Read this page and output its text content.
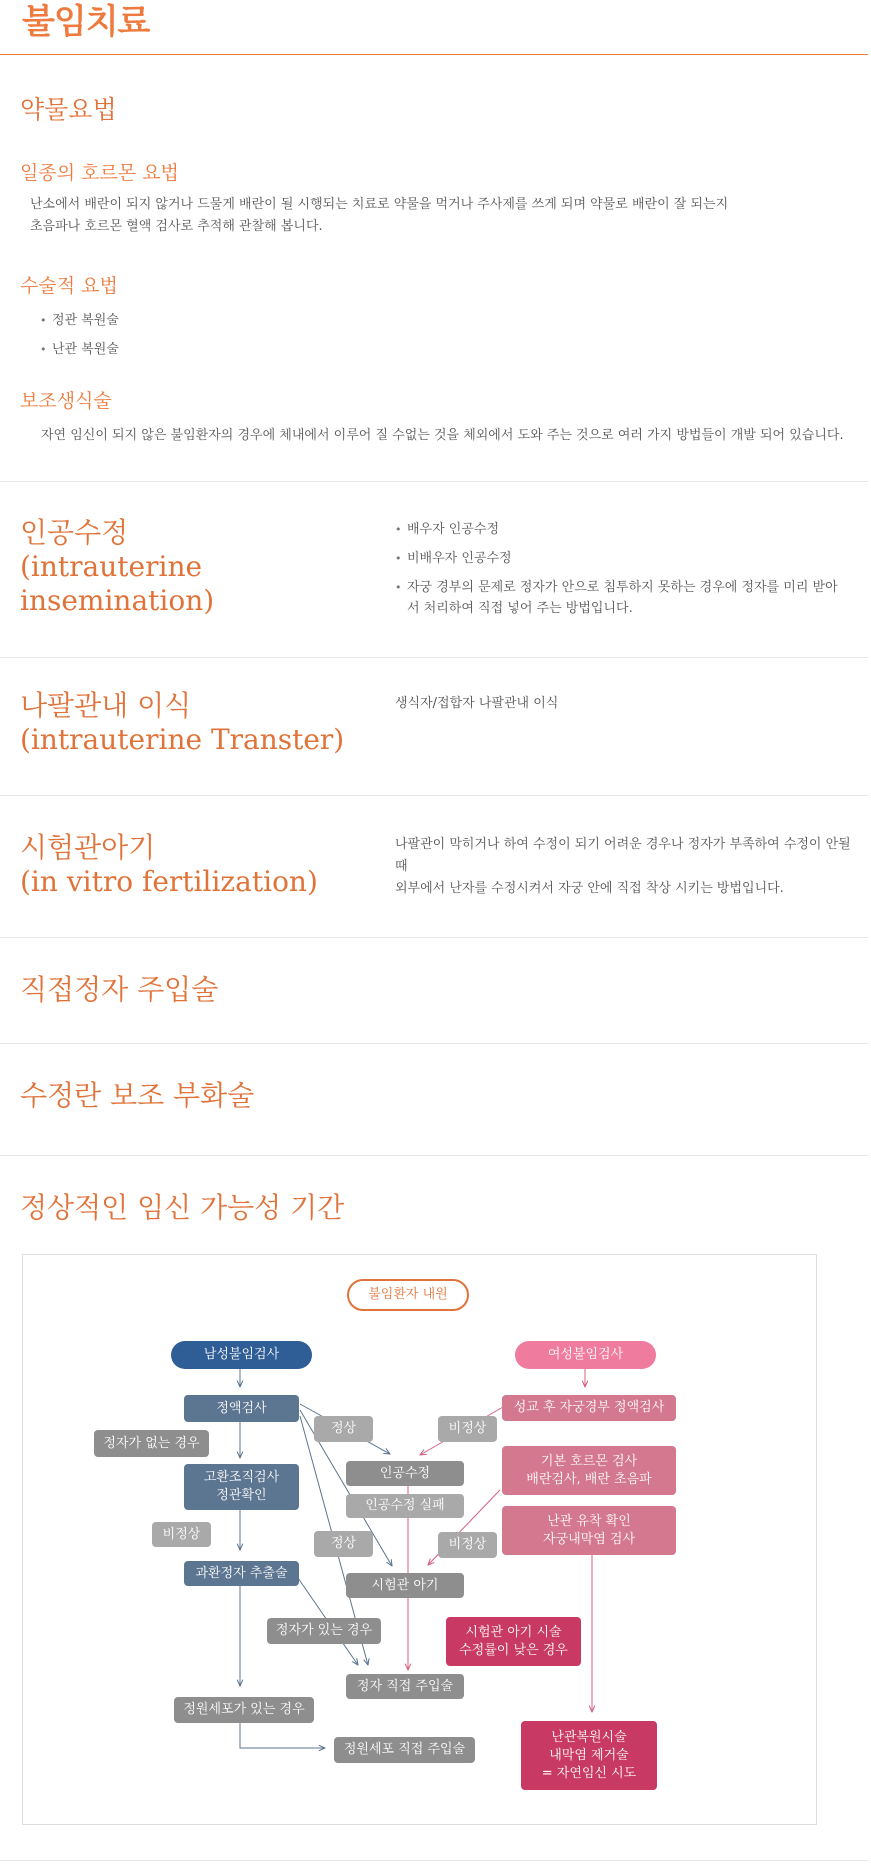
불임치료
약물요법
일종의 호르몬 요법
난소에서 배란이 되지 않거나 드물게 배란이 될 시행되는 치료로 약물을 먹거나 주사제를 쓰게 되며 약물로 배란이 잘 되는지
초음파나 호르몬 혈액 검사로 추적해 관찰해 봅니다.
수술적 요법
• 정관 복원술
• 난관 복원술
보조생식술
자연 임신이 되지 않은 불임환자의 경우에 체내에서 이루어 질 수없는 것을 체외에서 도와 주는 것으로 여러 가지 방법들이 개발 되어 있습니다.
인공수정
(intrauterine insemination)
• 배우자 인공수정
• 비배우자 인공수정
• 자궁 경부의 문제로 정자가 안으로 침투하지 못하는 경우에 정자를 미리 받아서 처리하여 직접 넣어 주는 방법입니다.
나팔관내 이식
(intrauterine Transter)
생식자/접합자 나팔관내 이식
시험관아기
(in vitro fertilization)
나팔관이 막히거나 하여 수정이 되기 어려운 경우나 정자가 부족하여 수정이 안될 때
외부에서 난자를 수정시켜서 자궁 안에 직접 착상 시키는 방법입니다.
직접정자 주입술
수정란 보조 부화술
정상적인 임신 가능성 기간
불임환자 내원
남성불임검사	여성불임검사
정액검사
정자가 없는 경우
고환조직검사
정관확인
비정상
과환정자 추출술
정자가 있는 경우
정원세포가 있는 경우
정원세포 직접 주입술
정상
정상
인공수정
인공수정 실패
시험관 아기
정자 직접 주입술
비정상
비정상
성교 후 자궁경부 정액검사
기본 호르몬 검사
배란검사, 배란 초음파
난관 유착 확인
자궁내막염 검사
시험관 아기 시술
수정률이 낮은 경우
난관복원시술
내막염 제거술
= 자연임신 시도
